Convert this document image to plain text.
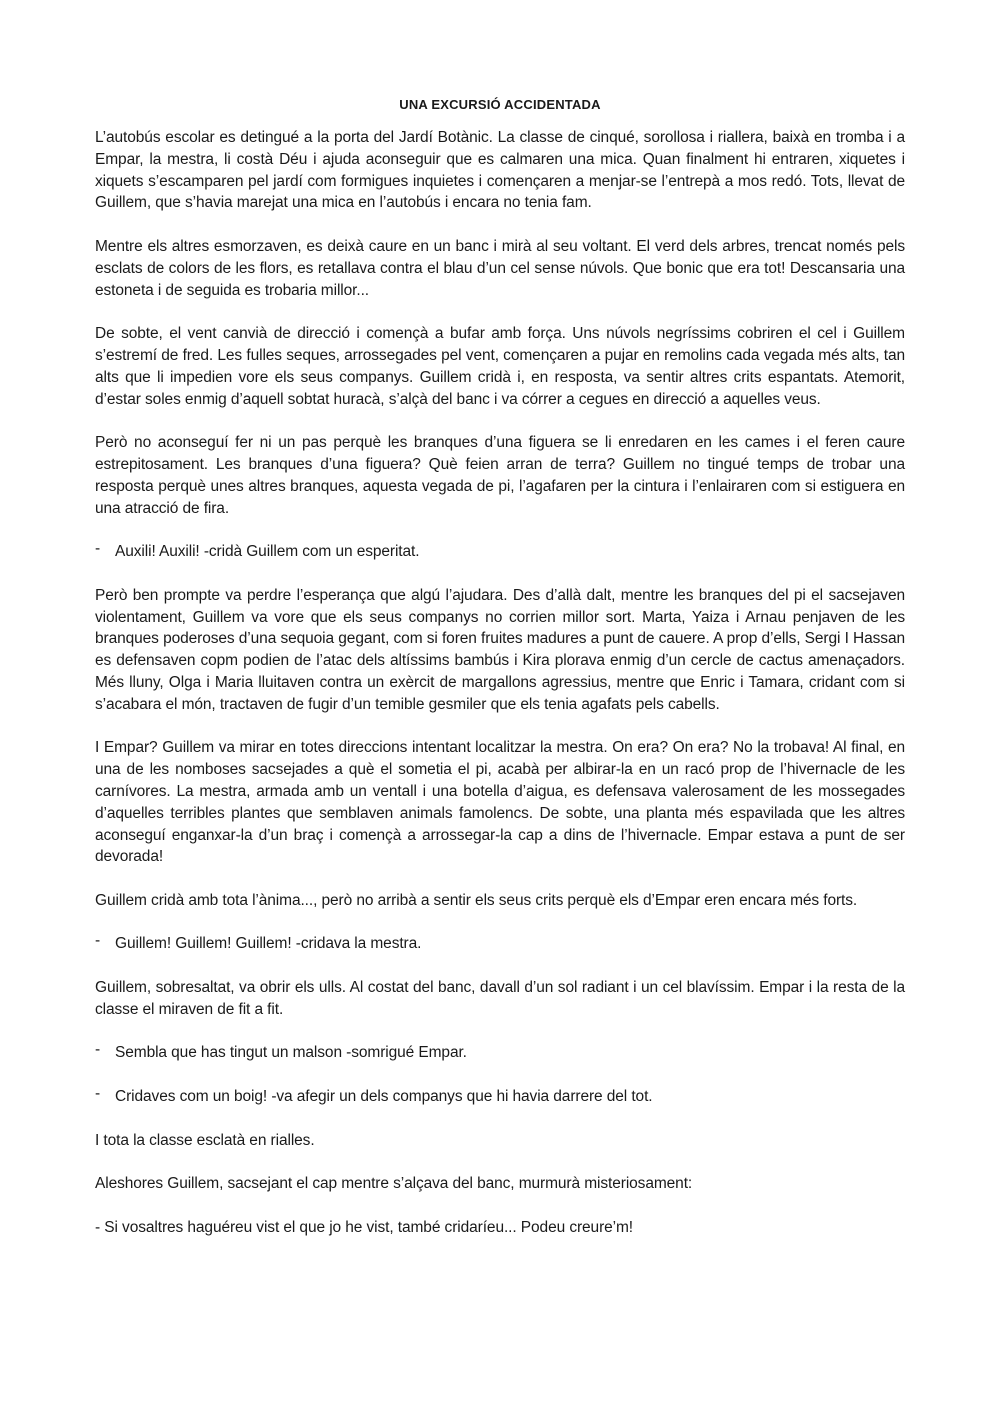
UNA EXCURSIÓ ACCIDENTADA

L’autobús escolar es detingué a la porta del Jardí Botànic. La classe de cinqué, sorollosa i riallera, baixà en tromba i a Empar, la mestra, li costà Déu i ajuda aconseguir que es calmaren una mica. Quan finalment hi entraren, xiquetes i xiquets s’escamparen pel jardí com formigues inquietes i començaren a menjar-se l’entrepà a mos redó. Tots, llevat de Guillem, que s’havia marejat una mica en l’autobús i encara no tenia fam.

Mentre els altres esmorzaven, es deixà caure en un banc i mirà al seu voltant. El verd dels arbres, trencat només pels esclats de colors de les flors, es retallava contra el blau d’un cel sense núvols. Que bonic que era tot! Descansaria una estoneta i de seguida es trobaria millor...

De sobte, el vent canvià de direcció i començà a bufar amb força. Uns núvols negríssims cobriren el cel i Guillem s’estremí de fred. Les fulles seques, arrossegades pel vent, començaren a pujar en remolins cada vegada més alts, tan alts que li impedien vore els seus companys. Guillem cridà i, en resposta, va sentir altres crits espantats. Atemorit, d’estar soles enmig d’aquell sobtat huracà, s’alçà del banc i va córrer a cegues en direcció a aquelles veus.

Però no aconseguí fer ni un pas perquè les branques d’una figuera se li enredaren en les cames i el feren caure estrepitosament. Les branques d’una figuera? Què feien arran de terra? Guillem no tingué temps de trobar una resposta perquè unes altres branques, aquesta vegada de pi, l’agafaren per la cintura i l’enlairaren com si estiguera en una atracció de fira.

- Auxili! Auxili! -cridà Guillem com un esperitat.

Però ben prompte va perdre l’esperança que algú l’ajudara. Des d’allà dalt, mentre les branques del pi el sacsejaven violentament, Guillem va vore que els seus companys no corrien millor sort. Marta, Yaiza i Arnau penjaven de les branques poderoses d’una sequoia gegant, com si foren fruites madures a punt de cauere. A prop d’ells, Sergi I Hassan es defensaven copm podien de l’atac dels altíssims bambús i Kira plorava enmig d’un cercle de cactus amenaçadors. Més lluny, Olga i Maria lluitaven contra un exèrcit de margallons agressius, mentre que Enric i Tamara, cridant com si s’acabara el món, tractaven de fugir d’un temible gesmiler que els tenia agafats pels cabells.

I Empar? Guillem va mirar en totes direccions intentant localitzar la mestra. On era? On era? No la trobava! Al final, en una de les nomboses sacsejades a què el sometia el pi, acabà per albirar-la en un racó prop de l’hivernacle de les carnívores. La mestra, armada amb un ventall i una botella d’aigua, es defensava valerosament de les mossegades d’aquelles terribles plantes que semblaven animals famolencs. De sobte, una planta més espavilada que les altres aconseguí enganxar-la d’un braç i començà a arrossegar-la cap a dins de l’hivernacle. Empar estava a punt de ser devorada!

Guillem cridà amb tota l’ànima..., però no arribà a sentir els seus crits perquè els d’Empar eren encara més forts.

- Guillem! Guillem! Guillem! -cridava la mestra.

Guillem, sobresaltat, va obrir els ulls. Al costat del banc, davall d’un sol radiant i un cel blavíssim. Empar i la resta de la classe el miraven de fit a fit.

- Sembla que has tingut un malson -somrigué Empar.
- Cridaves com un boig! -va afegir un dels companys que hi havia darrere del tot.

I tota la classe esclatà en rialles.

Aleshores Guillem, sacsejant el cap mentre s’alçava del banc, murmurà misteriosament:

- Si vosaltres haguéreu vist el que jo he vist, també cridaríeu... Podeu creure’m!
